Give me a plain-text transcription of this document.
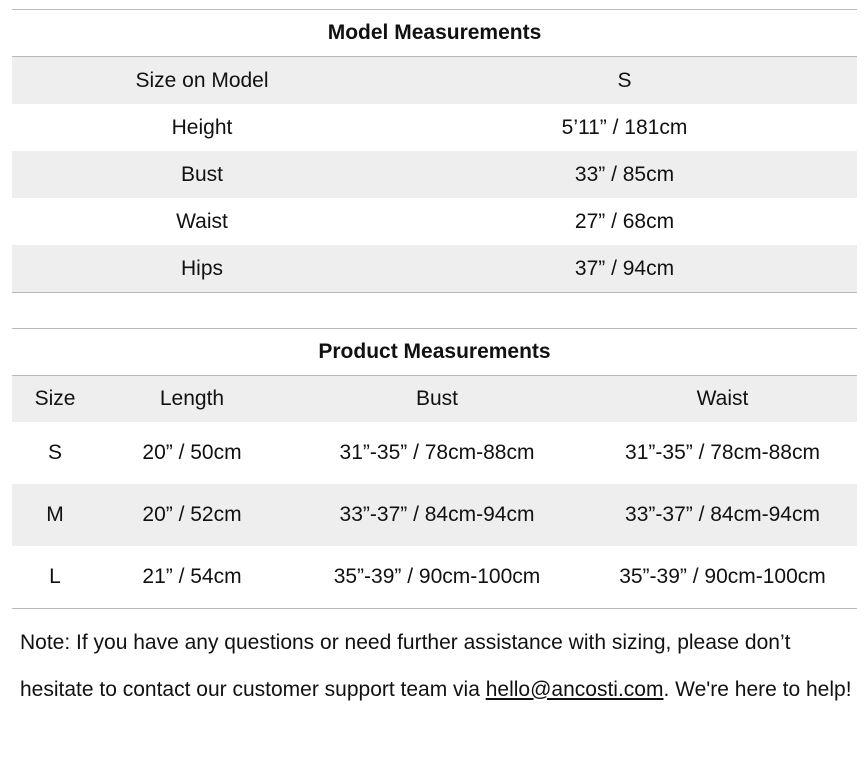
Model Measurements
Size on Model	S
Height	5’11” / 181cm
Bust	33” / 85cm
Waist	27” / 68cm
Hips	37” / 94cm
Product Measurements
Size	Length	Bust	Waist
S	20” / 50cm	31”-35” / 78cm-88cm	31”-35” / 78cm-88cm
M	20” / 52cm	33”-37” / 84cm-94cm	33”-37” / 84cm-94cm
L	21” / 54cm	35”-39” / 90cm-100cm	35”-39” / 90cm-100cm
Note: If you have any questions or need further assistance with sizing, please don’t hesitate to contact our customer support team via hello@ancosti.com. We're here to help!
